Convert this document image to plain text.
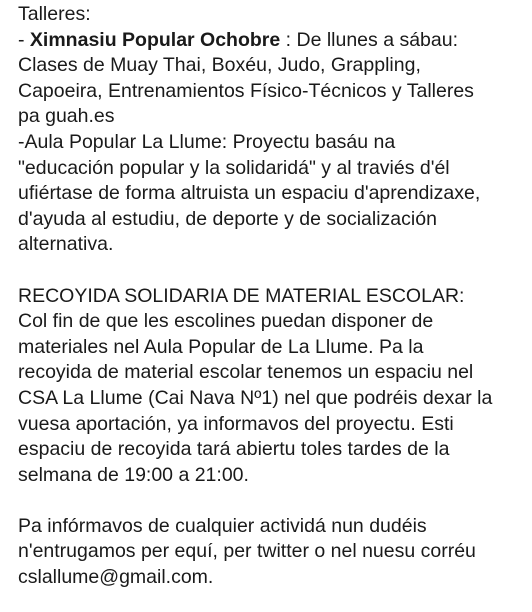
Talleres:
- Ximnasiu Popular Ochobre : De llunes a sábau:
Clases de Muay Thai, Boxéu, Judo, Grappling,
Capoeira, Entrenamientos Físico-Técnicos y Talleres
pa guah.es
-Aula Popular La Llume: Proyectu basáu na
"educación popular y la solidaridá" y al traviés d'él
ufiértase de forma altruista un espaciu d'aprendizaxe,
d'ayuda al estudiu, de deporte y de socialización
alternativa.
RECOYIDA SOLIDARIA DE MATERIAL ESCOLAR:
Col fin de que les escolines puedan disponer de
materiales nel Aula Popular de La Llume. Pa la
recoyida de material escolar tenemos un espaciu nel
CSA La Llume (Cai Nava Nº1) nel que podréis dexar la
vuesa aportación, ya informavos del proyectu. Esti
espaciu de recoyida tará abiertu toles tardes de la
selmana de 19:00 a 21:00.
Pa infórmavos de cualquier actividá nun dudéis
n'entrugamos per equí, per twitter o nel nuesu corréu
cslallume@gmail.com.
